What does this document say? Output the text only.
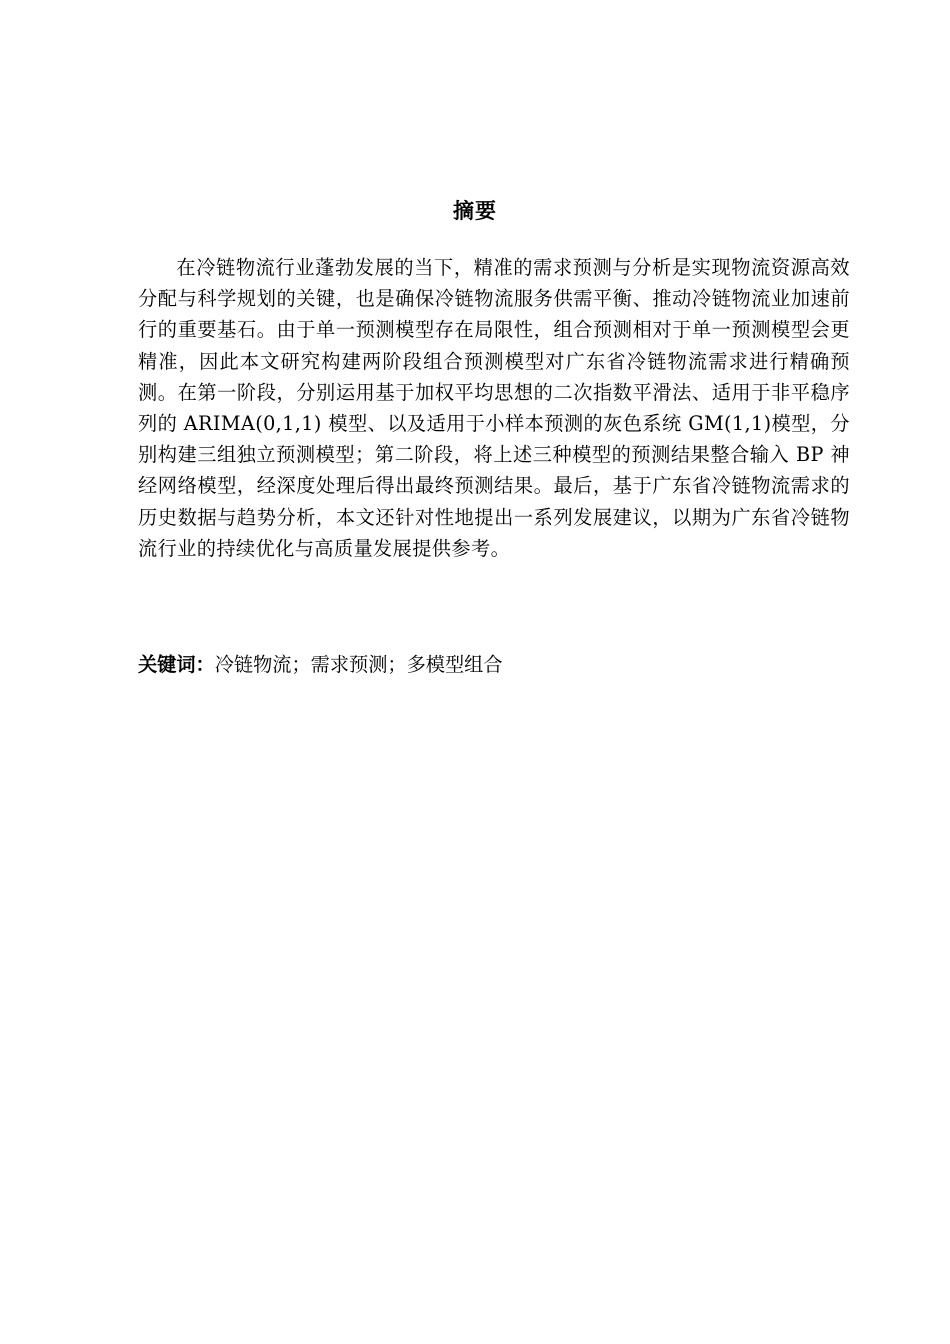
摘要

在冷链物流行业蓬勃发展的当下，精准的需求预测与分析是实现物流资源高效分配与科学规划的关键，也是确保冷链物流服务供需平衡、推动冷链物流业加速前行的重要基石。由于单一预测模型存在局限性，组合预测相对于单一预测模型会更精准，因此本文研究构建两阶段组合预测模型对广东省冷链物流需求进行精确预测。在第一阶段，分别运用基于加权平均思想的二次指数平滑法、适用于非平稳序列的 ARIMA(0,1,1) 模型、以及适用于小样本预测的灰色系统 GM(1,1)模型，分别构建三组独立预测模型；第二阶段，将上述三种模型的预测结果整合输入 BP 神经网络模型，经深度处理后得出最终预测结果。最后，基于广东省冷链物流需求的历史数据与趋势分析，本文还针对性地提出一系列发展建议，以期为广东省冷链物流行业的持续优化与高质量发展提供参考。

关键词：冷链物流；需求预测；多模型组合
